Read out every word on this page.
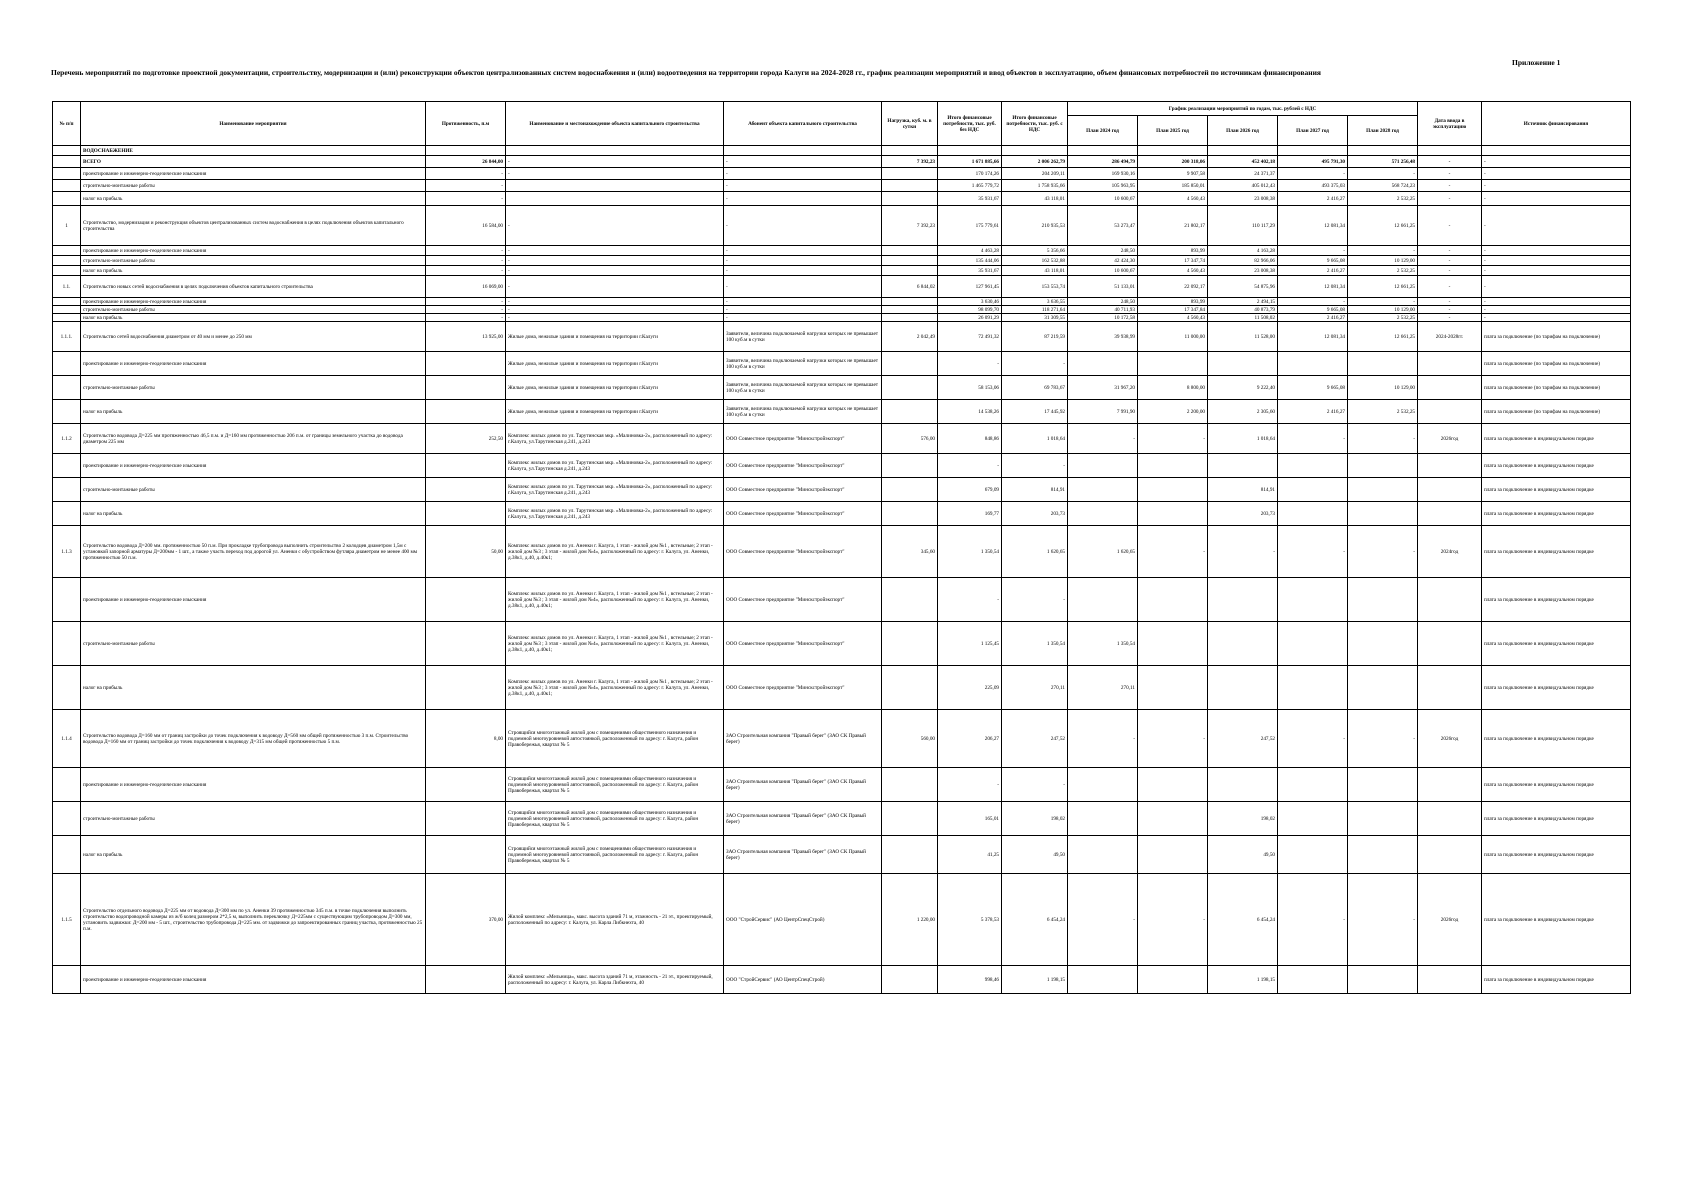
Приложение 1
Перечень мероприятий по подготовке проектной документации, строительству, модернизации и (или) реконструкции объектов централизованных систем водоснабжения и (или) водоотведения на территории города Калуги на 2024-2028 гг., график реализации мероприятий и ввод объектов в эксплуатацию, объем финансовых потребностей по источникам финансирования
№ п/п	Наименование мероприятия	Протяженность, п.м	Наименование и местонахождение объекта капитального строительства	Абонент объекта капитального строительства	Нагрузка, куб. м. в сутки	Итого финансовые потребности, тыс. руб. без НДС	Итого финансовые потребности, тыс. руб. с НДС	График реализации мероприятий по годам, тыс. рублей с НДС					Дата ввода в эксплуатацию	Источник финансирования
								План 2024 год	План 2025 год	План 2026 год	План 2027 год	План 2028 год		
	ВОДОСНАБЖЕНИЕ													
	ВСЕГО	26 844,00	-	-	7 392,23	1 671 885,66	2 006 262,79	286 494,79	200 318,06	452 402,18	495 791,30	571 256,48	-	-
	проектирование и инженерно-геодезические изыскания	-	-	-		170 174,26	204 209,11	169 930,16	9 907,58	24 371,37	-	-	-	-
	строительно-монтажные работы	-		-		1 465 779,72	1 758 935,66	105 963,95	185 850,01	405 012,43	493 375,03	568 724,23	-	-
	налог на прибыль	-		-		35 931,67	43 118,01	10 600,67	4 560,43	23 008,38	2 416,27	2 532,25	-	-
1	Строительство, модернизация и реконструкция объектов централизованных систем водоснабжения в целях подключения объектов капитального строительства	16 584,00	-	-	7 392,23	175 779,61	210 935,53	53 273,47	21 802,17	110 117,29	12 081,34	12 661,25	-	-
	проектирование и инженерно-геодезические изыскания	-	-	-		4 463,28	5 356,66	248,50	893,99	4 163,28	-	-	-	-
	строительно-монтажные работы	-	-	-		135 444,06	162 532,88	42 424,30	17 347,74	82 966,06	9 665,08	10 129,00	-	-
	налог на прибыль	-	-	-		35 931,67	43 118,01	10 600,67	4 560,43	23 008,38	2 416,27	2 532,25	-	-
1.1.	Строительство новых сетей водоснабжения в целях подключения объектов капитального строительства	16 069,00	-	-	6 844,02	127 961,45	153 553,74	51 133,01	22 092,17	54 875,96	12 081,34	12 661,25	-	-
	проектирование и инженерно-геодезические изыскания	-	-	-		3 630,46	3 636,55	248,50	893,99	2 494,15	-	-	-	-
	строительно-монтажные работы	-	-	-		98 099,70	118 271,64	40 711,93	17 347,84	40 873,79	9 665,08	10 129,00	-	-
	налог на прибыль	-	-	-		26 091,29	31 309,55	10 172,58	4 560,43	11 508,02	2 416,27	2 532,25	-	-
1.1.1.	Строительство сетей водоснабжения диаметром от 40 мм и менее до 250 мм	13 925,00	Жилые дома, нежилые здания и помещения на территории г.Калуги	Заявители, величина подключаемой нагрузки которых не превышает 100 куб.м в сутки	2 042,49	72 491,32	87 219,59	39 938,99	11 000,00	11 528,00	12 081,34	12 661,25	2024-2028гг.	плата за подключение (по тарифам на подключение)
	проектирование и инженерно-геодезические изыскания		Жилые дома, нежилые здания и помещения на территории г.Калуги	Заявители, величина подключаемой нагрузки которых не превышает 100 куб.м в сутки		-	-							плата за подключение (по тарифам на подключение)
	строительно-монтажные работы		Жилые дома, нежилые здания и помещения на территории г.Калуги	Заявители, величина подключаемой нагрузки которых не превышает 100 куб.м в сутки		58 153,06	69 783,67	31 967,20	8 800,00	9 222,40	9 665,08	10 129,00		плата за подключение (по тарифам на подключение)
	налог на прибыль		Жилые дома, нежилые здания и помещения на территории г.Калуги	Заявители, величина подключаемой нагрузки которых не превышает 100 куб.м в сутки		14 538,26	17 445,92	7 991,90	2 200,00	2 305,60	2 416,27	2 532,25		плата за подключение (по тарифам на подключение)
1.1.2	Строительство водовода Д=225 мм протяженностью 46,5 п.м. и Д=160 мм протяженностью 206 п.м. от границы земельного участка до водовода диаметром 225 мм	252,50	Комплекс жилых домов по ул. Тарутинская мкр. «Малиновка-2», расположенный по адресу: г.Калуга, ул.Тарутинская д.241, д.243	ООО Совместное предприятие "Минскстройэкспорт"	576,00	848,86	1 018,64	-	-	1 018,64	-	-	2026год	плата за подключение в индивидуальном порядке
	проектирование и инженерно-геодезические изыскания		Комплекс жилых домов по ул. Тарутинская мкр. «Малиновка-2», расположенный по адресу: г.Калуга, ул.Тарутинская д.241, д.243	ООО Совместное предприятие "Минскстройэкспорт"		-	-							плата за подключение в индивидуальном порядке
	строительно-монтажные работы		Комплекс жилых домов по ул. Тарутинская мкр. «Малиновка-2», расположенный по адресу: г.Калуга, ул.Тарутинская д.241, д.243	ООО Совместное предприятие "Минскстройэкспорт"		679,09	814,91			814,91				плата за подключение в индивидуальном порядке
	налог на прибыль		Комплекс жилых домов по ул. Тарутинская мкр. «Малиновка-2», расположенный по адресу: г.Калуга, ул.Тарутинская д.241, д.243	ООО Совместное предприятие "Минскстройэкспорт"		169,77	203,73			203,73				плата за подключение в индивидуальном порядке
1.1.3	Строительство водовода Д=200 мм. протяженностью 50 п.м. При прокладке трубопровода выполнить строительство 2 колодцев диаметром 1,5м с установкой запорной арматуры Д=200мм - 1 шт., а также участь переход под дорогой ул. Аненки с обустройством футляра диаметром не менее 400 мм протяженностью 50 п.м.	50,00	Комплекс жилых домов по ул. Аненки г. Калуга, 1 этап - жилой дом №1 , встельные; 2 этап - жилой дом №3 ; 3 этап - жилой дом №4», расположенный по адресу: г. Калуга, ул. Аненки, д.38к1, д.40, д.40к1;	ООО Совместное предприятие "Минскстройэкспорт"	345,60	1 350,54	1 620,65	1 620,65	-	-	-	-	2024год	плата за подключение в индивидуальном порядке
	проектирование и инженерно-геодезические изыскания		Комплекс жилых домов по ул. Аненки г. Калуга, 1 этап - жилой дом №1 , встельные; 2 этап - жилой дом №3 ; 3 этап - жилой дом №4», расположенный по адресу: г. Калуга, ул. Аненки, д.38к1, д.40, д.40к1;	ООО Совместное предприятие "Минскстройэкспорт"		-	-							плата за подключение в индивидуальном порядке
	строительно-монтажные работы		Комплекс жилых домов по ул. Аненки г. Калуга, 1 этап - жилой дом №1 , встельные; 2 этап - жилой дом №3 ; 3 этап - жилой дом №4», расположенный по адресу: г. Калуга, ул. Аненки, д.38к1, д.40, д.40к1;	ООО Совместное предприятие "Минскстройэкспорт"		1 125,45	1 350,54	1 350,54						плата за подключение в индивидуальном порядке
	налог на прибыль		Комплекс жилых домов по ул. Аненки г. Калуга, 1 этап - жилой дом №1 , встельные; 2 этап - жилой дом №3 ; 3 этап - жилой дом №4», расположенный по адресу: г. Калуга, ул. Аненки, д.38к1, д.40, д.40к1;	ООО Совместное предприятие "Минскстройэкспорт"		225,09	270,11	270,11						плата за подключение в индивидуальном порядке
1.1.4	Строительство водовода Д=160 мм от границ застройки до точек подключения к водоводу Д=560 мм общей протяженностью 3 п.м. Строительство водовода Д=160 мм от границ застройки до точек подключения к водоводу Д=315 мм общей протяженностью 5 п.м.	8,00	Строящийся многоэтажный жилой дом с помещениями общественного назначения и подземной многоуровневой автостоянкой, расположенный по адресу: г. Калуга, район Правобережья, квартал № 5	ЗАО Строительная компания "Правый берег" (ЗАО СК Правый берег)	560,00	206,27	247,52	-	-	247,52	-	-	2026год	плата за подключение в индивидуальном порядке
	проектирование и инженерно-геодезические изыскания		Строящийся многоэтажный жилой дом с помещениями общественного назначения и подземной многоуровневой автостоянкой, расположенный по адресу: г. Калуга, район Правобережья, квартал № 5	ЗАО Строительная компания "Правый берег" (ЗАО СК Правый берег)		-	-							плата за подключение в индивидуальном порядке
	строительно-монтажные работы		Строящийся многоэтажный жилой дом с помещениями общественного назначения и подземной многоуровневой автостоянкой, расположенный по адресу: г. Калуга, район Правобережья, квартал № 5	ЗАО Строительная компания "Правый берег" (ЗАО СК Правый берег)		165,01	198,02			198,02				плата за подключение в индивидуальном порядке
	налог на прибыль		Строящийся многоэтажный жилой дом с помещениями общественного назначения и подземной многоуровневой автостоянкой, расположенный по адресу: г. Калуга, район Правобережья, квартал № 5	ЗАО Строительная компания "Правый берег" (ЗАО СК Правый берег)		41,25	49,50			49,50				плата за подключение в индивидуальном порядке
1.1.5	Строительство отдельного водовода Д=225 мм от водовода Д=300 мм по ул. Аненки 39 протяженностью 345 п.м. в точке подключения выполнить строительство водопроводной камеры из ж/б колец размером 2*2,5 м, выполнить переключку Д=225мм с существующим трубопроводом Д=300 мм, установить задвижки: Д=200 мм - 5 шт., строительство трубопровода Д=225 мм. от задвижки до запроектированных границ участка, протяженностью 25 п.м.	370,00	Жилой комплекс «Мельница», макс. высота зданий 71 м, этажность - 21 эт., проектируемый, расположенный по адресу: г. Калуга, ул. Карла Либкнехта, 40	ООО "СтройСервис" (АО ЦентрСпецСтрой)	1 220,00	5 378,53	6 454,24	-	-	6 454,24	-	-	2026год	плата за подключение в индивидуальном порядке
	проектирование и инженерно-геодезические изыскания		Жилой комплекс «Мельница», макс. высота зданий 71 м, этажность - 21 эт., проектируемый, расположенный по адресу: г. Калуга, ул. Карла Либкнехта, 40	ООО "СтройСервис" (АО ЦентрСпецСтрой)		998,46	1 198,15			1 198,15				плата за подключение в индивидуальном порядке
